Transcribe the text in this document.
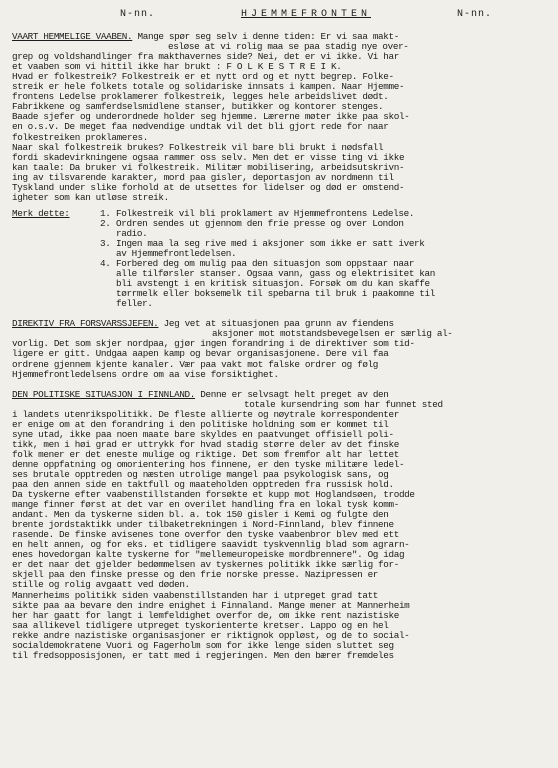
N-nn.	HJEMMEFRONTEN	N-nn.
VAART HEMMELIGE VAABEN. Mange spør seg selv i denne tiden: Er vi saa makt-
esløse at vi rolig maa se paa stadig nye over-
grep og voldshandlinger fra makthavernes side? Nei, det er vi ikke. Vi har
et vaaben som vi hittil ikke har brukt : F O L K E S T R E I K.
Hvad er folkestreik? Folkestreik er et nytt ord og et nytt begrep. Folke-
streik er hele folkets totale og solidariske innsats i kampen. Naar Hjemme-
frontens Ledelse proklamerer folkestreik, legges hele arbeidslivet dødt.
Fabrikkene og samferdselsmidlene stanser, butikker og kontorer stenges.
Baade sjefer og underordnede holder seg hjemme. Lærerne møter ikke paa skol-
en o.s.v. De meget faa nødvendige undtak vil det bli gjort rede for naar
folkestreiken proklameres.
Naar skal folkestreik brukes? Folkestreik vil bare bli brukt i nødsfall
fordi skadevirkningene ogsaa rammer oss selv. Men det er visse ting vi ikke
kan taale: Da bruker vi folkestreik. Militær mobilisering, arbeidsutskrivn-
ing av tilsvarende karakter, mord paa gisler, deportasjon av nordmenn til
Tyskland under slike forhold at de utsettes for lidelser og død er omstend-
igheter som kan utløse streik.
Merk dette:	1. Folkestreik vil bli proklamert av Hjemmefrontens Ledelse.
2. Ordren sendes ut gjennom den frie presse og over London
radio.
3. Ingen maa la seg rive med i aksjoner som ikke er satt iverk
av Hjemmefrontledelsen.
4. Forbered deg om mulig paa den situasjon som oppstaar naar
alle tilførsler stanser. Ogsaa vann, gass og elektrisitet kan
bli avstengt i en kritisk situasjon. Forsøk om du kan skaffe
tørrmelk eller boksemelk til spebarna til bruk i paakomne til
feller.
DIREKTIV FRA FORSVARSSJEFEN. Jeg vet at situasjonen paa grunn av fiendens
aksjoner mot motstandsbevegelsen er særlig al-
vorlig. Det som skjer nordpaa, gjør ingen forandring i de direktiver som tid-
ligere er gitt. Undgaa aapen kamp og bevar organisasjonene. Dere vil faa
ordrene gjennem kjente kanaler. Vær paa vakt mot falske ordrer og følg
Hjemmefrontledelsens ordre om aa vise forsiktighet.
DEN POLITISKE SITUASJON I FINNLAND. Denne er selvsagt helt preget av den
totale kursendring som har funnet sted
i landets utenrikspolitikk. De fleste allierte og nøytrale korrespondenter
er enige om at den forandring i den politiske holdning som er kommet til
syne utad, ikke paa noen maate bare skyldes en paatvunget offisiell poli-
tikk, men i høi grad er uttrykk for hvad stadig større deler av det finske
folk mener er det eneste mulige og riktige. Det som fremfor alt har lettet
denne oppfatning og omorientering hos finnene, er den tyske militære ledel-
ses brutale opptreden og næsten utrolige mangel paa psykologisk sans, og
paa den annen side en taktfull og maateholden opptreden fra russisk hold.
Da tyskerne efter vaabenstillstanden forsøkte et kupp mot Hoglandsøen, trodde
mange finner først at det var en overilet handling fra en lokal tysk komm-
andant. Men da tyskerne siden bl. a. tok 150 gisler i Kemi og fulgte den
brente jordstaktikk under tilbaketrekningen i Nord-Finnland, blev finnene
rasende. De finske avisenes tone overfor den tyske vaabenbror blev med ett
en helt annen, og for eks. et tidligere saavidt tyskvennlig blad som agrarn-
enes hovedorgan kalte tyskerne for "mellemeuropeiske mordbrennere". Og idag
er det naar det gjelder bedømmelsen av tyskernes politikk ikke særlig for-
skjell paa den finske presse og den frie norske presse. Nazipressen er
stille og rolig avgaatt ved døden.
Mannerheims politikk siden vaabenstillstanden har i utpreget grad tatt
sikte paa aa bevare den indre enighet i Finnaland. Mange mener at Mannerheim
her har gaatt for langt i lemfeldighet overfor de, om ikke rent nazistiske
saa allikevel tidligere utpreget tyskorienterte kretser. Lappo og en hel
rekke andre nazistiske organisasjoner er riktignok oppløst, og de to social-
socialdemokratene Vuori og Fagerholm som for ikke lenge siden sluttet seg
til fredsopposisjonen, er tatt med i regjeringen. Men den bærer fremdeles
